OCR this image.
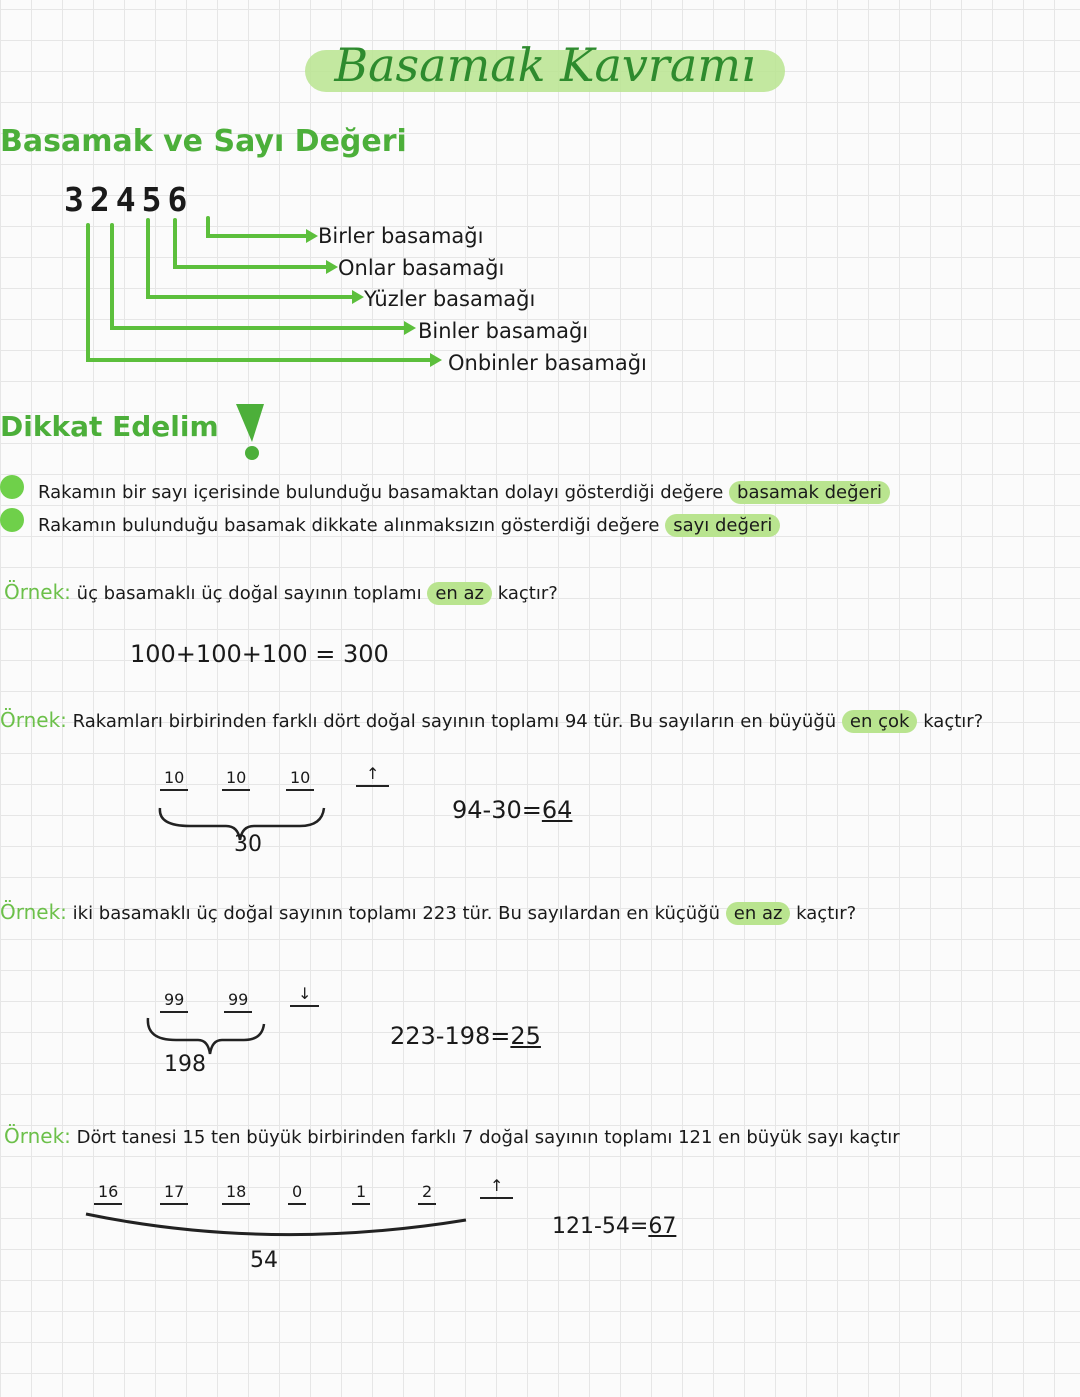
Basamak Kavramı
Basamak ve Sayı Değeri
32456
Birler basamağı
Onlar basamağı
Yüzler basamağı
Binler basamağı
Onbinler basamağı
Dikkat Edelim
Rakamın bir sayı içerisinde bulunduğu basamaktan dolayı gösterdiği değere basamak değeri
Rakamın bulunduğu basamak dikkate alınmaksızın gösterdiği değere sayı değeri
Örnek: üç basamaklı üç doğal sayının toplamı en az kaçtır?
100+100+100 = 300
Örnek: Rakamları birbirinden farklı dört doğal sayının toplamı 94 tür. Bu sayıların en büyüğü en çok kaçtır?
10	10	10	↑
30
94-30=64
Örnek: iki basamaklı üç doğal sayının toplamı 223 tür. Bu sayılardan en küçüğü en az kaçtır?
99	99	↓
198
223-198=25
Örnek: Dört tanesi 15 ten büyük birbirinden farklı 7 doğal sayının toplamı 121 en büyük sayı kaçtır
16	17	18	0	1	2	↑
54
121-54=67
